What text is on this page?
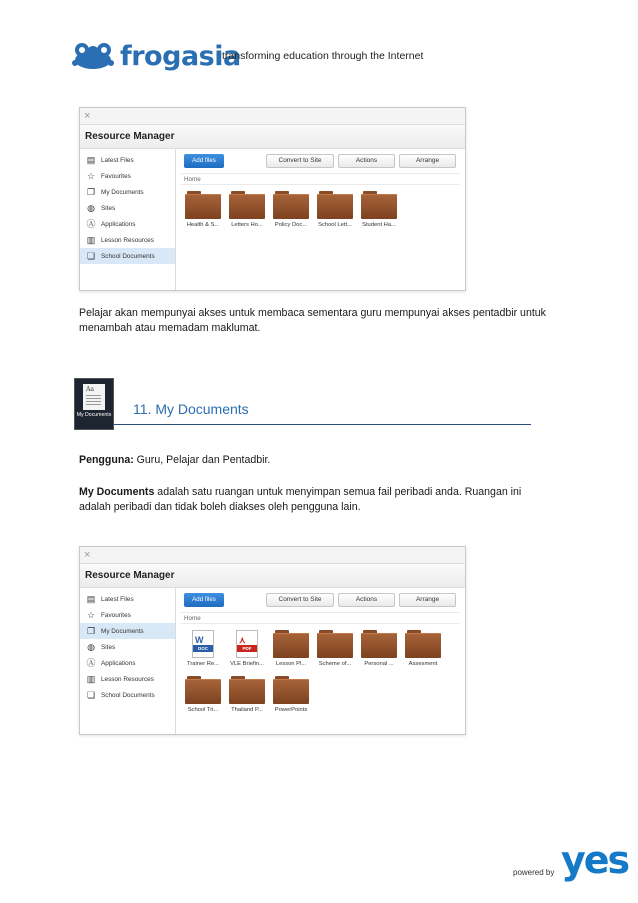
frogasia
transforming education through the Internet
×
Resource Manager
▤ Latest Files
☆ Favourites
❐ My Documents
◍ Sites
Ⓐ Applications
▥ Lesson Resources
❏ School Documents
Add files	Convert to Site	Actions	Arrange
Home
Health & S... Letters Ho... Policy Doc... School Lett... Student Ha...
Pelajar akan mempunyai akses untuk membaca sementara guru mempunyai akses pentadbir untuk menambah atau memadam maklumat.
Aa
My Documents 11. My Documents
Pengguna: Guru, Pelajar dan Pentadbir.
My Documents adalah satu ruangan untuk menyimpan semua fail peribadi anda. Ruangan ini adalah peribadi dan tidak boleh diakses oleh pengguna lain.
×
Resource Manager
▤ Latest Files
☆ Favourites
❐ My Documents
◍ Sites
Ⓐ Applications
▥ Lesson Resources
❏ School Documents
Add files	Convert to Site	Actions	Arrange
Home
W
DOC
Trainer Re...
⋏
PDF
VLE Briefin... Lesson Pl... Scheme of... Personal ...	Assesment
School Tri... Thailand P... PowerPoints
powered by yes
